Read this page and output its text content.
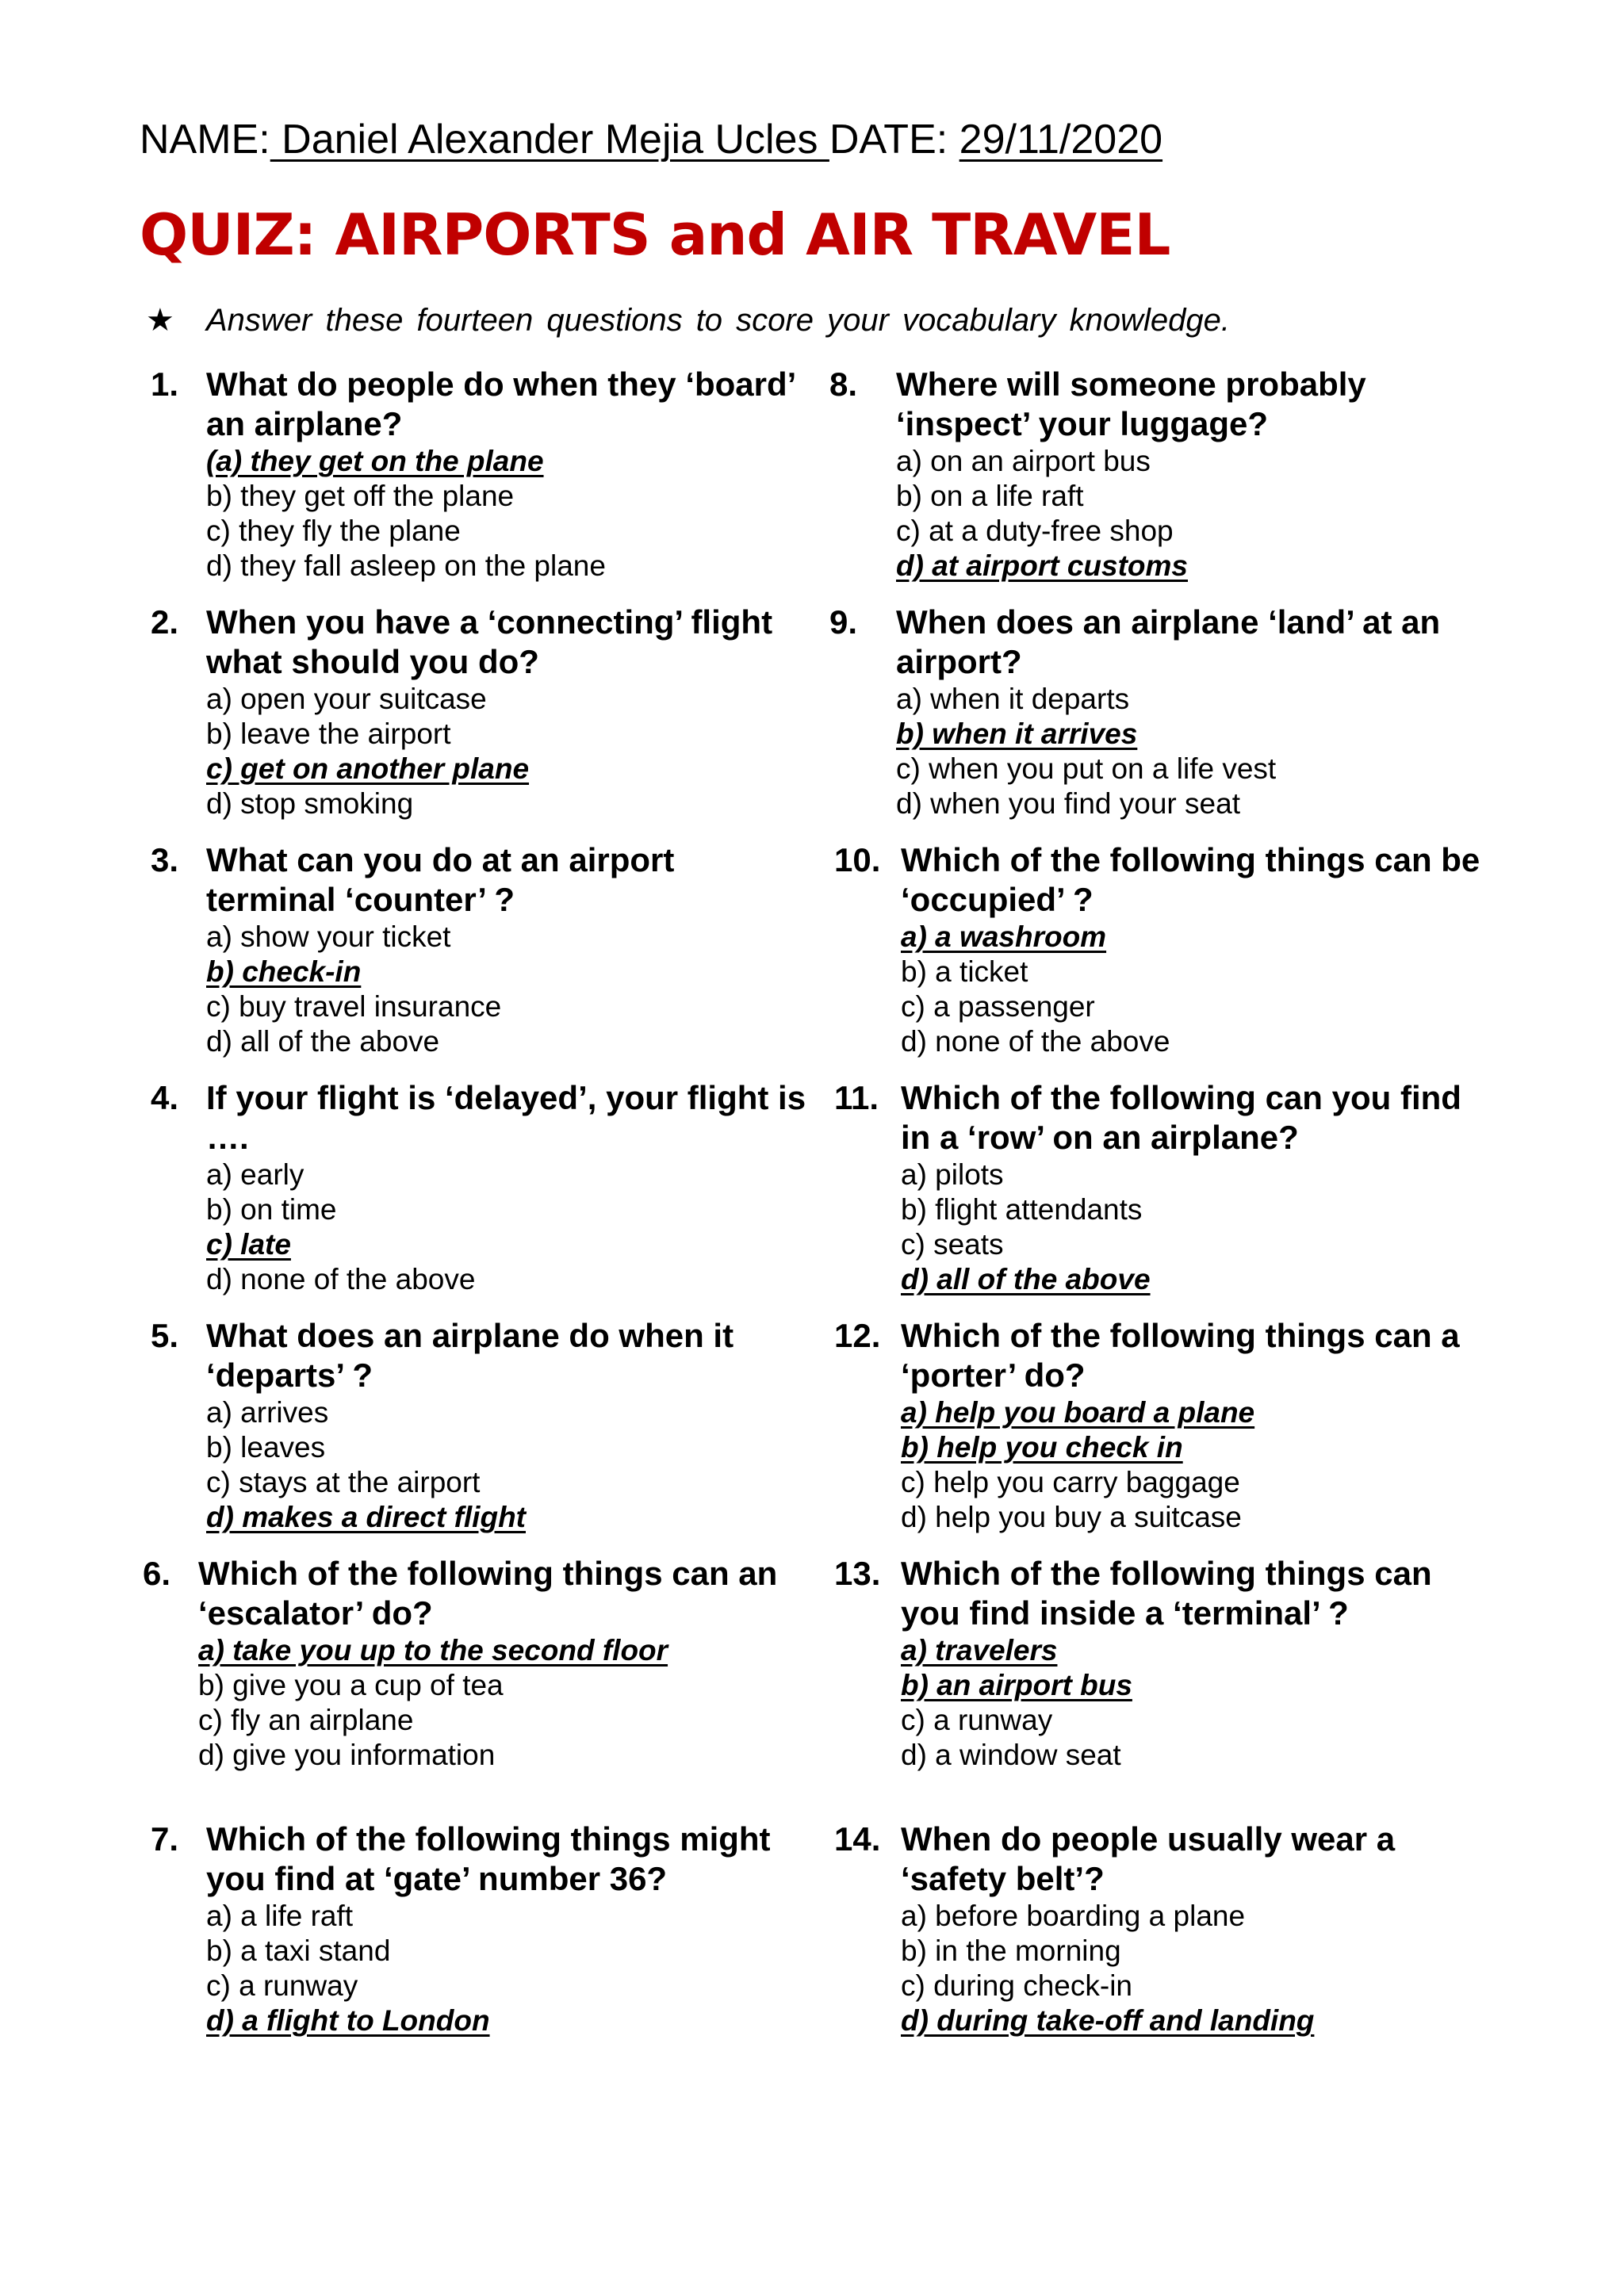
NAME: Daniel Alexander Mejia Ucles DATE: 29/11/2020
QUIZ: AIRPORTS and AIR TRAVEL
★ Answer these fourteen questions to score your vocabulary knowledge.
1. What do people do when they ‘board’ an airplane?
(a) they get on the plane
b) they get off the plane
c) they fly the plane
d) they fall asleep on the plane
2. When you have a ‘connecting’ flight what should you do?
a) open your suitcase
b) leave the airport
c) get on another plane
d) stop smoking
3. What can you do at an airport terminal ‘counter’ ?
a) show your ticket
b) check-in
c) buy travel insurance
d) all of the above
4. If your flight is ‘delayed’, your flight is ….
a) early
b) on time
c) late
d) none of the above
5. What does an airplane do when it ‘departs’ ?
a) arrives
b) leaves
c) stays at the airport
d) makes a direct flight
6. Which of the following things can an ‘escalator’ do?
a) take you up to the second floor
b) give you a cup of tea
c) fly an airplane
d) give you information
7. Which of the following things might you find at ‘gate’ number 36?
a) a life raft
b) a taxi stand
c) a runway
d) a flight to London
8. Where will someone probably ‘inspect’ your luggage?
a) on an airport bus
b) on a life raft
c) at a duty-free shop
d) at airport customs
9. When does an airplane ‘land’ at an airport?
a) when it departs
b) when it arrives
c) when you put on a life vest
d) when you find your seat
10. Which of the following things can be ‘occupied’ ?
a) a washroom
b) a ticket
c) a passenger
d) none of the above
11. Which of the following can you find in a ‘row’ on an airplane?
a) pilots
b) flight attendants
c) seats
d) all of the above
12. Which of the following things can a ‘porter’ do?
a) help you board a plane
b) help you check in
c) help you carry baggage
d) help you buy a suitcase
13. Which of the following things can you find inside a ‘terminal’ ?
a) travelers
b) an airport bus
c) a runway
d) a window seat
14. When do people usually wear a ‘safety belt’?
a) before boarding a plane
b) in the morning
c) during check-in
d) during take-off and landing
